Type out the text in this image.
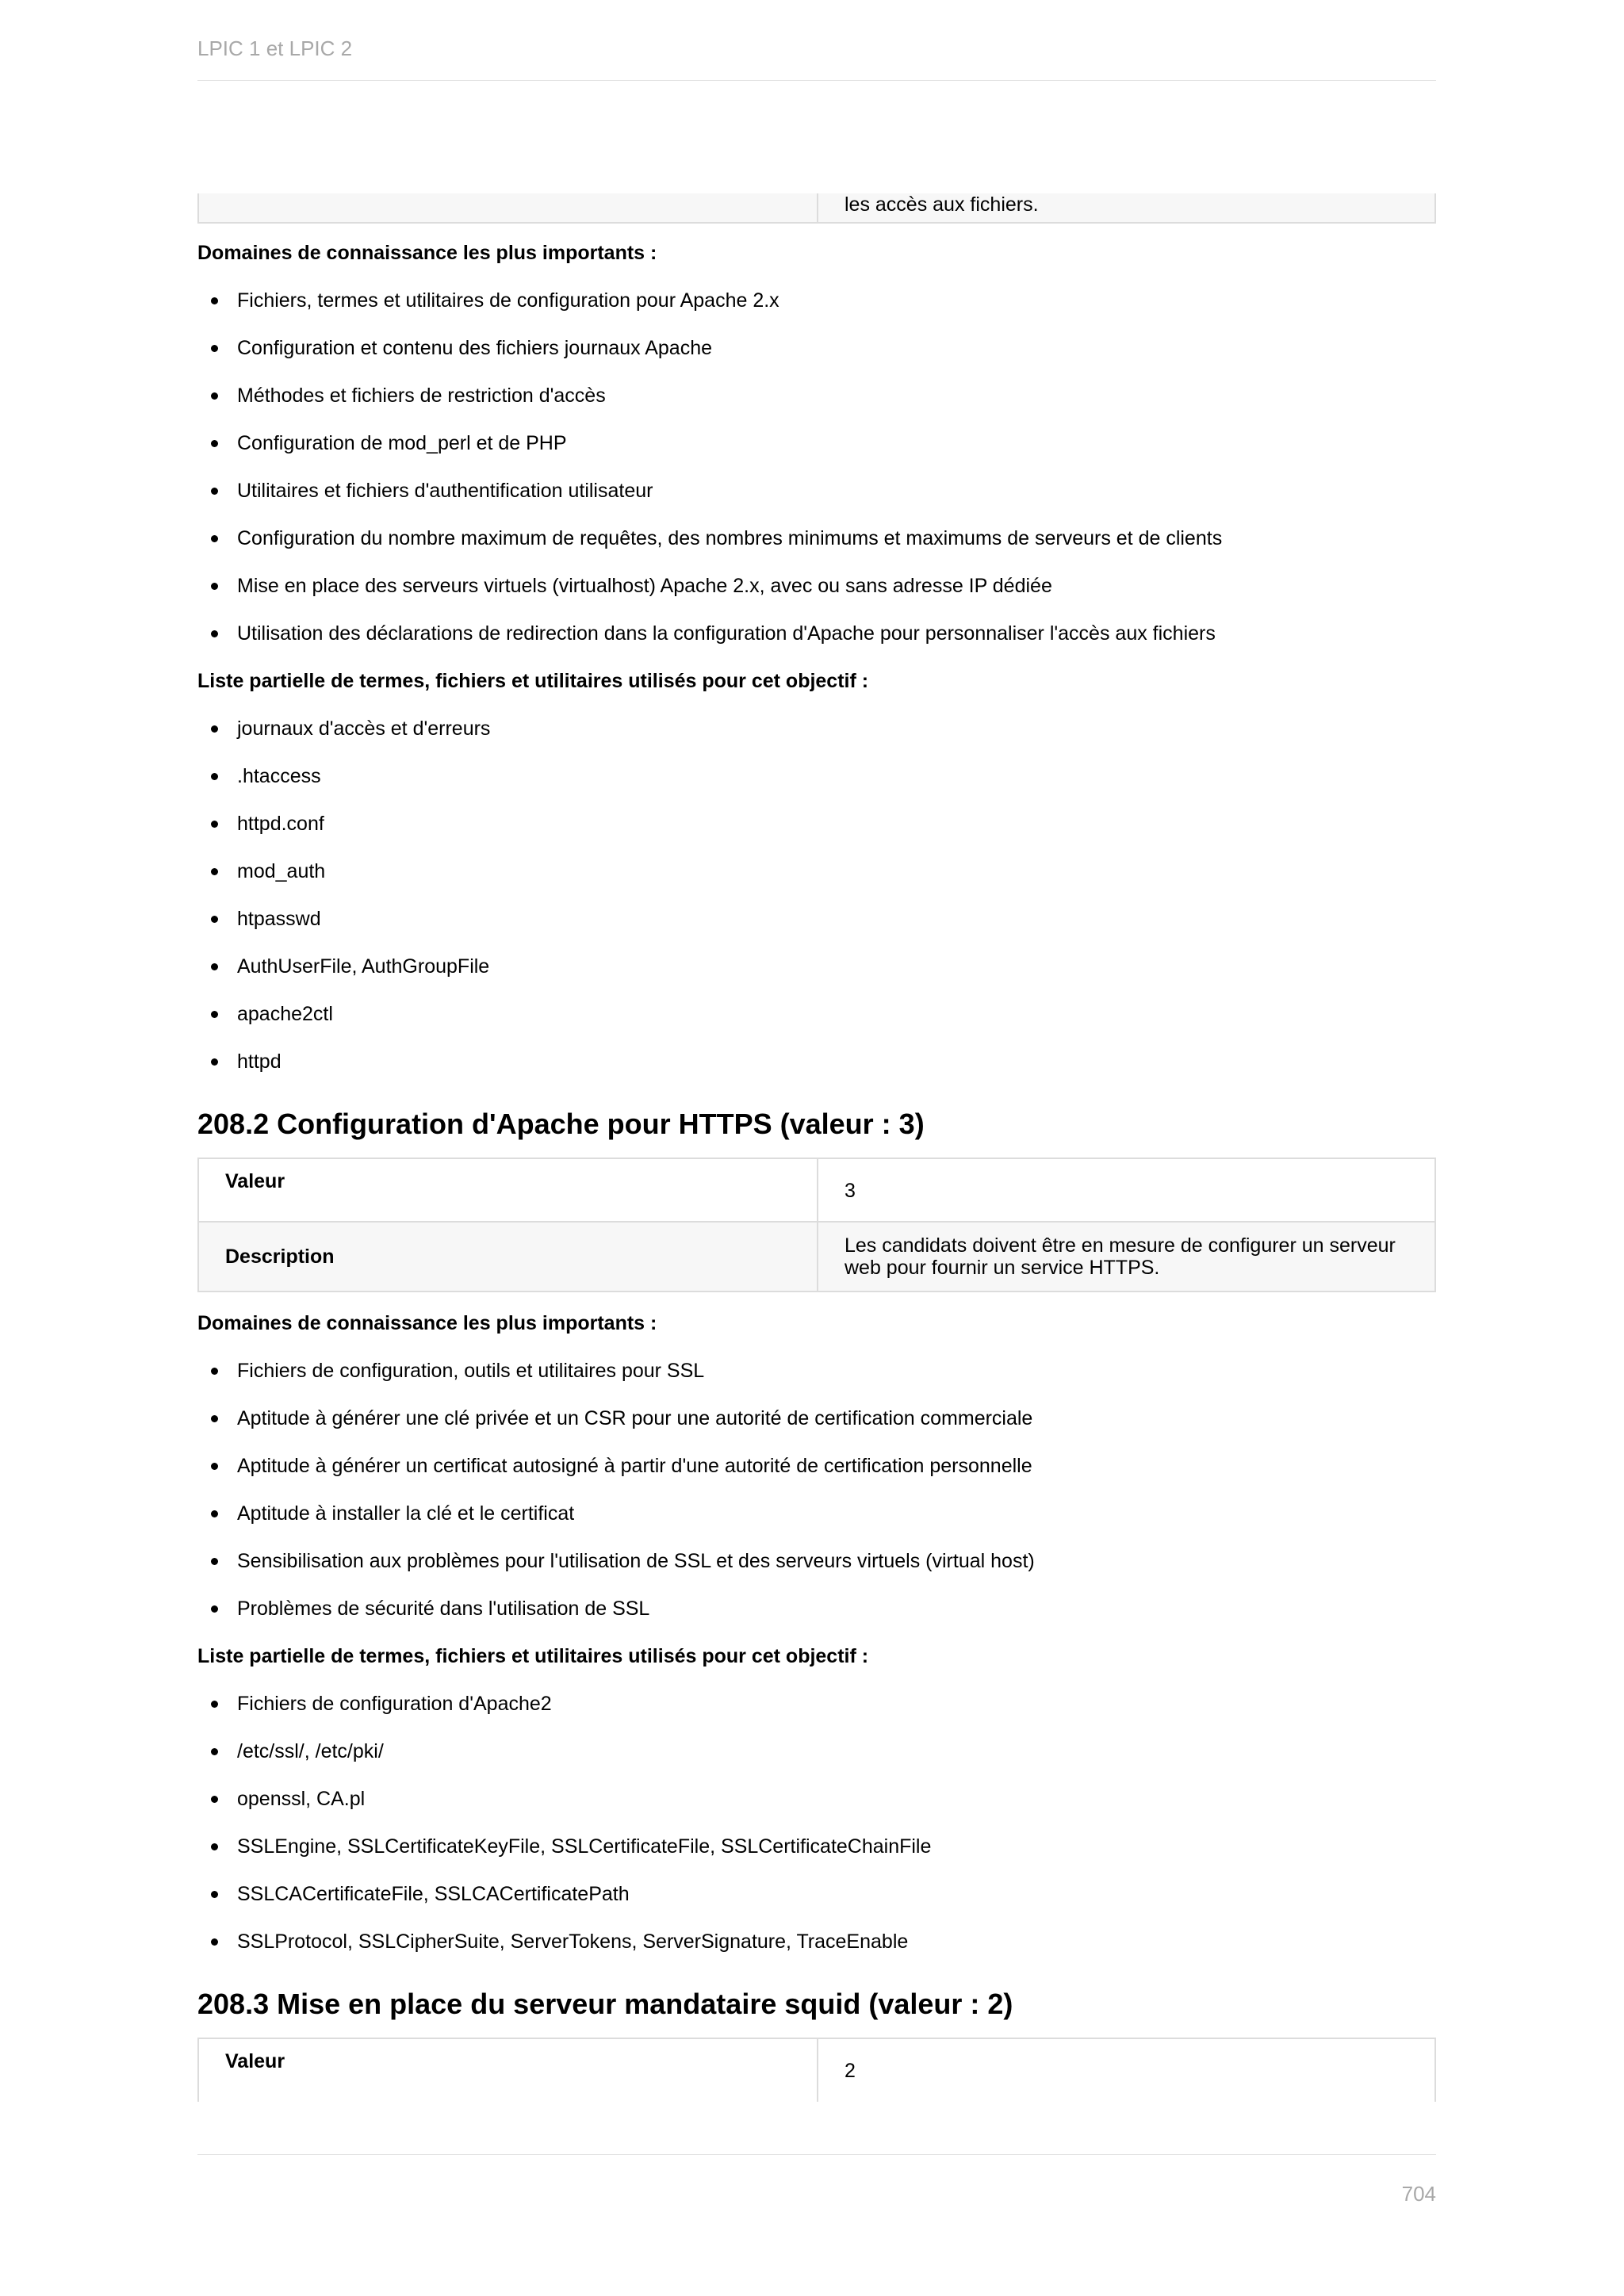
LPIC 1 et LPIC 2
	les accès aux fichiers.

Domaines de connaissance les plus importants :

Fichiers, termes et utilitaires de configuration pour Apache 2.x
Configuration et contenu des fichiers journaux Apache
Méthodes et fichiers de restriction d'accès
Configuration de mod_perl et de PHP
Utilitaires et fichiers d'authentification utilisateur
Configuration du nombre maximum de requêtes, des nombres minimums et maximums de serveurs et de clients
Mise en place des serveurs virtuels (virtualhost) Apache 2.x, avec ou sans adresse IP dédiée
Utilisation des déclarations de redirection dans la configuration d'Apache pour personnaliser l'accès aux fichiers

Liste partielle de termes, fichiers et utilitaires utilisés pour cet objectif :

journaux d'accès et d'erreurs
.htaccess
httpd.conf
mod_auth
htpasswd
AuthUserFile, AuthGroupFile
apache2ctl
httpd
208.2 Configuration d'Apache pour HTTPS (valeur : 3)
Valeur	3
Description	Les candidats doivent être en mesure de configurer un serveur web pour fournir un service HTTPS.

Domaines de connaissance les plus importants :

Fichiers de configuration, outils et utilitaires pour SSL
Aptitude à générer une clé privée et un CSR pour une autorité de certification commerciale
Aptitude à générer un certificat autosigné à partir d'une autorité de certification personnelle
Aptitude à installer la clé et le certificat
Sensibilisation aux problèmes pour l'utilisation de SSL et des serveurs virtuels (virtual host)
Problèmes de sécurité dans l'utilisation de SSL

Liste partielle de termes, fichiers et utilitaires utilisés pour cet objectif :

Fichiers de configuration d'Apache2
/etc/ssl/, /etc/pki/
openssl, CA.pl
SSLEngine, SSLCertificateKeyFile, SSLCertificateFile, SSLCertificateChainFile
SSLCACertificateFile, SSLCACertificatePath
SSLProtocol, SSLCipherSuite, ServerTokens, ServerSignature, TraceEnable
208.3 Mise en place du serveur mandataire squid (valeur : 2)
Valeur	2
704
